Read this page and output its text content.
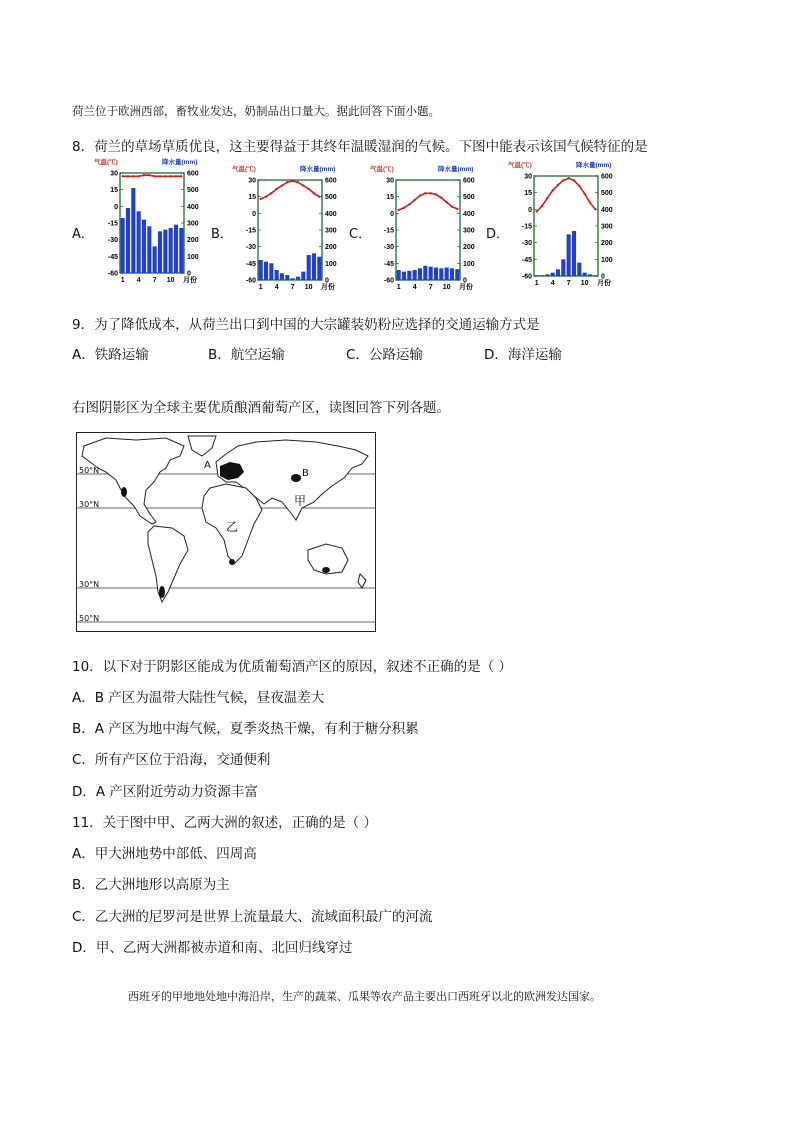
荷兰位于欧洲西部，畜牧业发达，奶制品出口量大。据此回答下面小题。
8．荷兰的草场草质优良，这主要得益于其终年温暖湿润的气候。下图中能表示该国气候特征的是
A．	B．	C．	D．
气温(℃)	降水量(mm)
30
15
0
-15
-30
-45
-60
600
500
400
300
200
100
0
1 4 7 10 月份
气温(℃)	降水量(mm)
30
15
0
-15
-30
-45
-60
600
500
400
300
200
100
0
1 4 7 10 月份
气温(℃)	降水量(mm)
30
15
0
-15
-30
-45
-60
600
500
400
300
200
100
0
1 4 7 10 月份
气温(℃)	降水量(mm)
30
15
0
-15
-30
-45
-60
600
500
400
300
200
100
0
1 4 7 10 月份
9．为了降低成本，从荷兰出口到中国的大宗罐装奶粉应选择的交通运输方式是
A．铁路运输	B．航空运输	C．公路运输	D．海洋运输
右图阴影区为全球主要优质酿酒葡萄产区，读图回答下列各题。
50°N
30°N
30°N
50°N
A
B
甲
乙
10．以下对于阴影区能成为优质葡萄酒产区的原因，叙述不正确的是（ ）
A．B 产区为温带大陆性气候，昼夜温差大
B．A 产区为地中海气候，夏季炎热干燥，有利于糖分积累
C．所有产区位于沿海，交通便利
D．A 产区附近劳动力资源丰富
11．关于图中甲、乙两大洲的叙述，正确的是（ ）
A．甲大洲地势中部低、四周高
B．乙大洲地形以高原为主
C．乙大洲的尼罗河是世界上流量最大、流域面积最广的河流
D．甲、乙两大洲都被赤道和南、北回归线穿过
西班牙的甲地地处地中海沿岸，生产的蔬菜、瓜果等农产品主要出口西班牙以北的欧洲发达国家。
